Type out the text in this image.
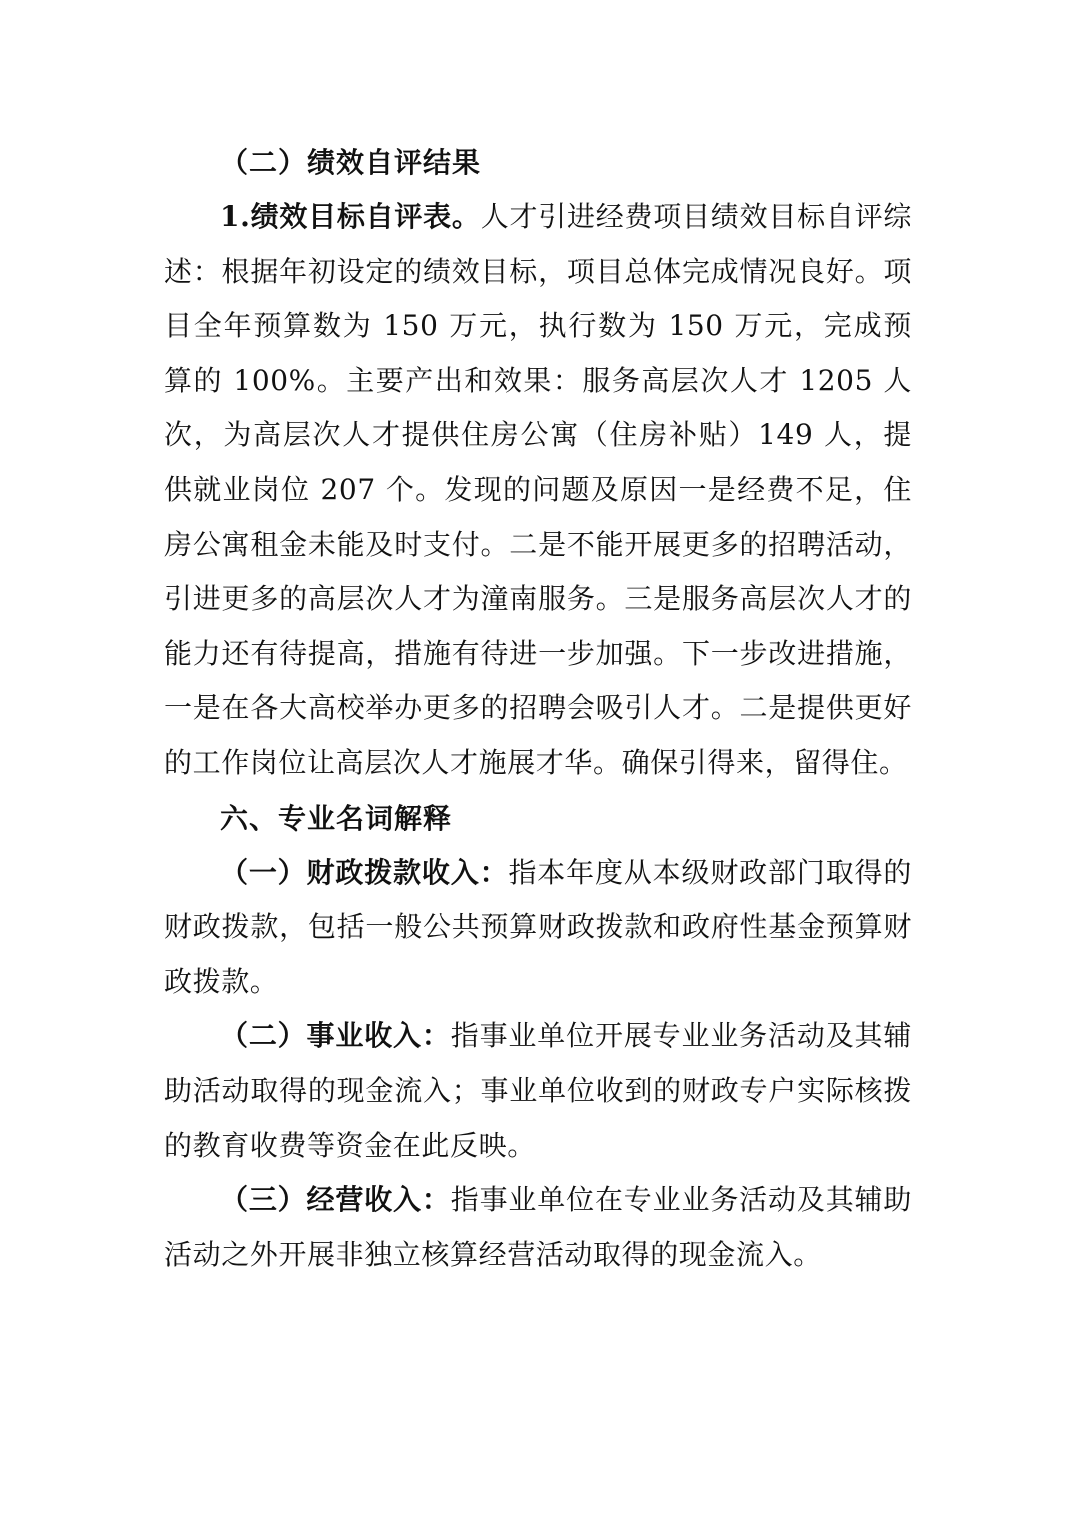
（二）绩效自评结果

1.绩效目标自评表。人才引进经费项目绩效目标自评综述：根据年初设定的绩效目标，项目总体完成情况良好。项目全年预算数为 150 万元，执行数为 150 万元，完成预算的 100%。主要产出和效果：服务高层次人才 1205 人次，为高层次人才提供住房公寓（住房补贴）149 人，提供就业岗位 207 个。发现的问题及原因一是经费不足，住房公寓租金未能及时支付。二是不能开展更多的招聘活动，引进更多的高层次人才为潼南服务。三是服务高层次人才的能力还有待提高，措施有待进一步加强。下一步改进措施，一是在各大高校举办更多的招聘会吸引人才。二是提供更好的工作岗位让高层次人才施展才华。确保引得来，留得住。

六、专业名词解释

（一）财政拨款收入：指本年度从本级财政部门取得的财政拨款，包括一般公共预算财政拨款和政府性基金预算财政拨款。

（二）事业收入：指事业单位开展专业业务活动及其辅助活动取得的现金流入；事业单位收到的财政专户实际核拨的教育收费等资金在此反映。

（三）经营收入：指事业单位在专业业务活动及其辅助活动之外开展非独立核算经营活动取得的现金流入。
